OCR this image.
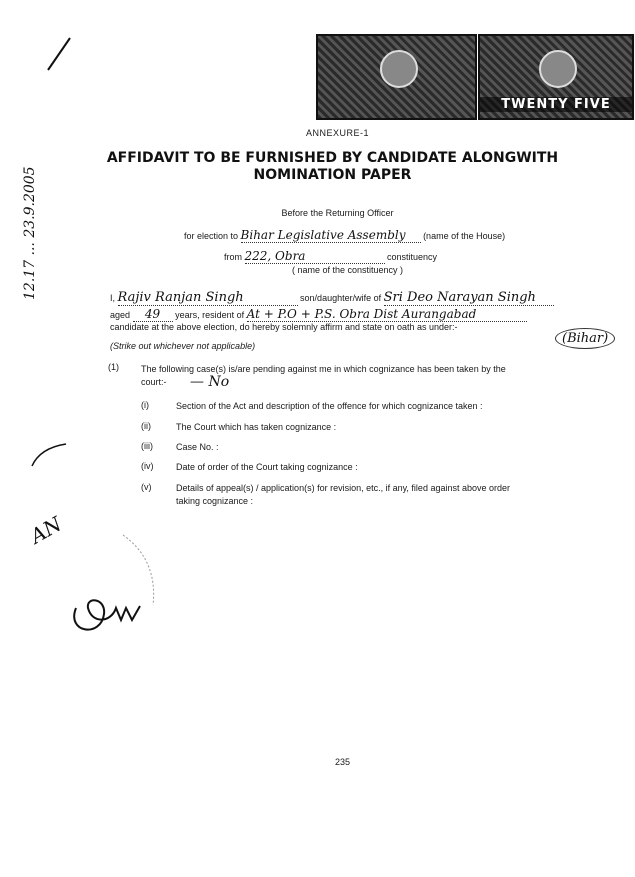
TWENTY FIVE
12.17 ... 23.9.2005
AN
ANNEXURE-1
AFFIDAVIT TO BE FURNISHED BY CANDIDATE ALONGWITH
NOMINATION PAPER
Before the Returning Officer
for election to Bihar Legislative Assembly (name of the House)
from 222, Obra	constituency
( name of the constituency )
I, Rajiv Ranjan Singh	son/daughter/wife of Sri Deo Narayan Singh
aged 49 years, resident of At + P.O + P.S. Obra Dist Aurangabad
candidate at the above election, do hereby solemnly affirm and state on oath as under:-
(Bihar)
(Strike out whichever not applicable)
(1) The following case(s) is/are pending against me in which cognizance has been taken by the
court:- — No
(i)	Section of the Act and description of the offence for which cognizance taken :
(ii)	The Court which has taken cognizance :
(iii)	Case No. :
(iv)	Date of order of the Court taking cognizance :
(v)	Details of appeal(s) / application(s) for revision, etc., if any, filed against above order
taking cognizance :
235
